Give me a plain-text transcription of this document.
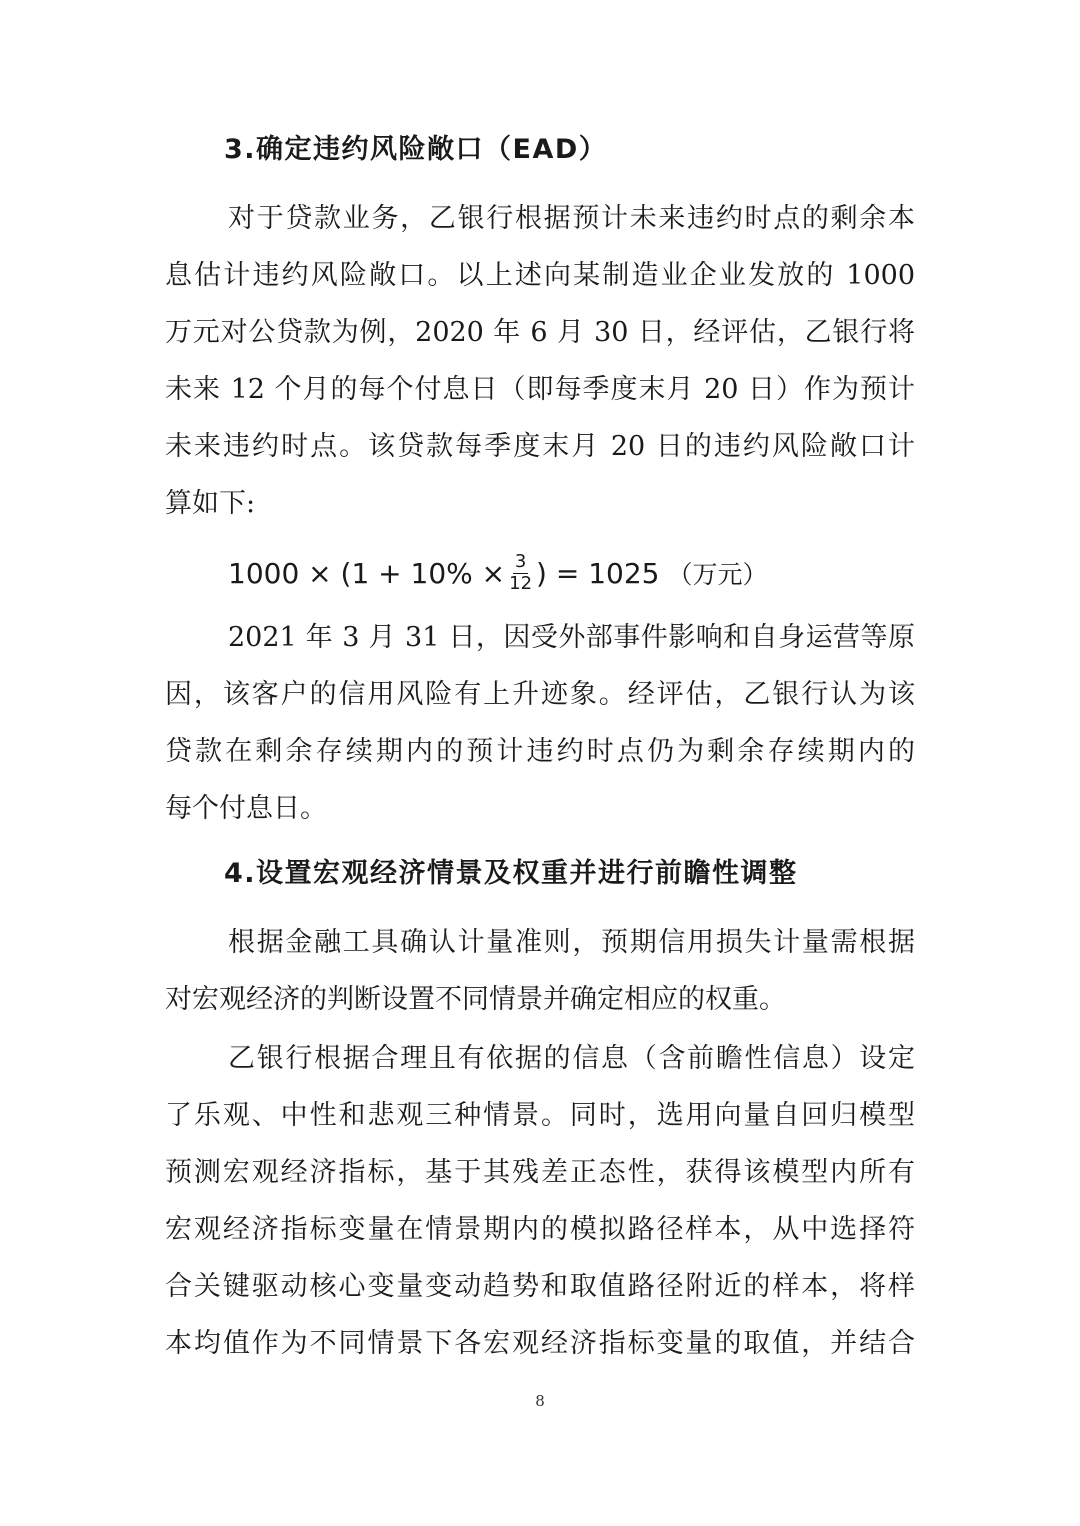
3.确定违约风险敞口（EAD）
对于贷款业务，乙银行根据预计未来违约时点的剩余本
息估计违约风险敞口。以上述向某制造业企业发放的 1000
万元对公贷款为例，2020 年 6 月 30 日，经评估，乙银行将
未来 12 个月的每个付息日（即每季度末月 20 日）作为预计
未来违约时点。该贷款每季度末月 20 日的违约风险敞口计
算如下:
$1000 \times (1 + 10\% \times \frac{3}{12}$ ) = 1025 （万元）
2021 年 3 月 31 日，因受外部事件影响和自身运营等原
因，该客户的信用风险有上升迹象。经评估，乙银行认为该
贷款在剩余存续期内的预计违约时点仍为剩余存续期内的
每个付息日。
4.设置宏观经济情景及权重并进行前瞻性调整
根据金融工具确认计量准则，预期信用损失计量需根据
对宏观经济的判断设置不同情景并确定相应的权重。
乙银行根据合理且有依据的信息（含前瞻性信息）设定
了乐观、中性和悲观三种情景。同时，选用向量自回归模型
预测宏观经济指标，基于其残差正态性，获得该模型内所有
宏观经济指标变量在情景期内的模拟路径样本，从中选择符
合关键驱动核心变量变动趋势和取值路径附近的样本，将样
本均值作为不同情景下各宏观经济指标变量的取值，并结合
8
